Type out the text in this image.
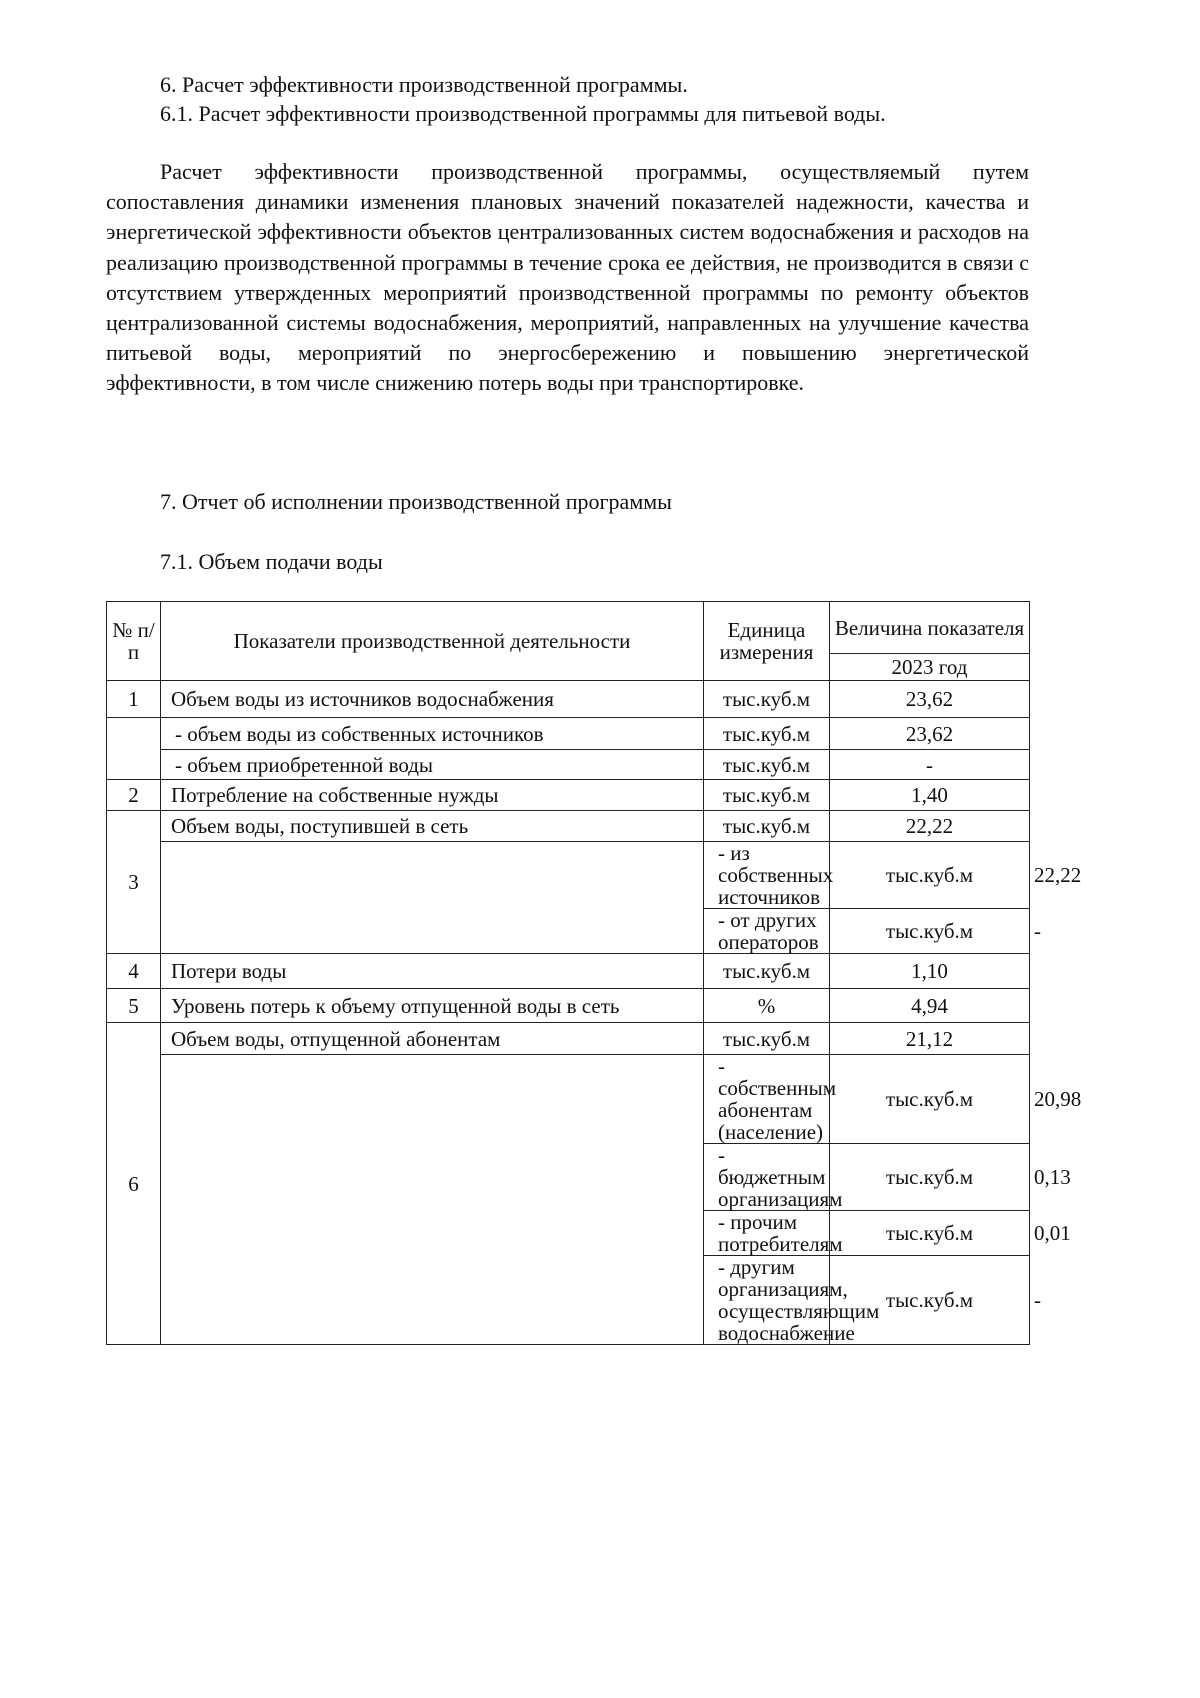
6. Расчет эффективности производственной программы.
6.1. Расчет эффективности производственной программы для питьевой воды.
Расчет эффективности производственной программы, осуществляемый путем сопоставления динамики изменения плановых значений показателей надежности, качества и энергетической эффективности объектов централизованных систем водоснабжения и расходов на реализацию производственной программы в течение срока ее действия, не производится в связи с отсутствием утвержденных мероприятий производственной программы по ремонту объектов централизованной системы водоснабжения, мероприятий, направленных на улучшение качества питьевой воды, мероприятий по энергосбережению и повышению энергетической эффективности, в том числе снижению потерь воды при транспортировке.
7. Отчет об исполнении производственной программы
7.1. Объем подачи воды
№ п/п	Показатели производственной деятельности	Единица измерения	Величина показателя	
			2023 год	
1	Объем воды из источников водоснабжения	тыс.куб.м	23,62	
	- объем воды из собственных источников	тыс.куб.м	23,62	
	- объем приобретенной воды	тыс.куб.м	-	
2	Потребление на собственные нужды	тыс.куб.м	1,40	
3	Объем воды, поступившей в сеть	тыс.куб.м	22,22	
		- из собственных источников	тыс.куб.м	22,22
		- от других операторов	тыс.куб.м	-
4	Потери воды	тыс.куб.м	1,10	
5	Уровень потерь к объему отпущенной воды в сеть	%	4,94	
6	Объем воды, отпущенной абонентам	тыс.куб.м	21,12	
		- собственным абонентам (население)	тыс.куб.м	20,98
		- бюджетным организациям	тыс.куб.м	0,13
		- прочим потребителям	тыс.куб.м	0,01
		- другим организациям, осуществляющим водоснабжение	тыс.куб.м	-
